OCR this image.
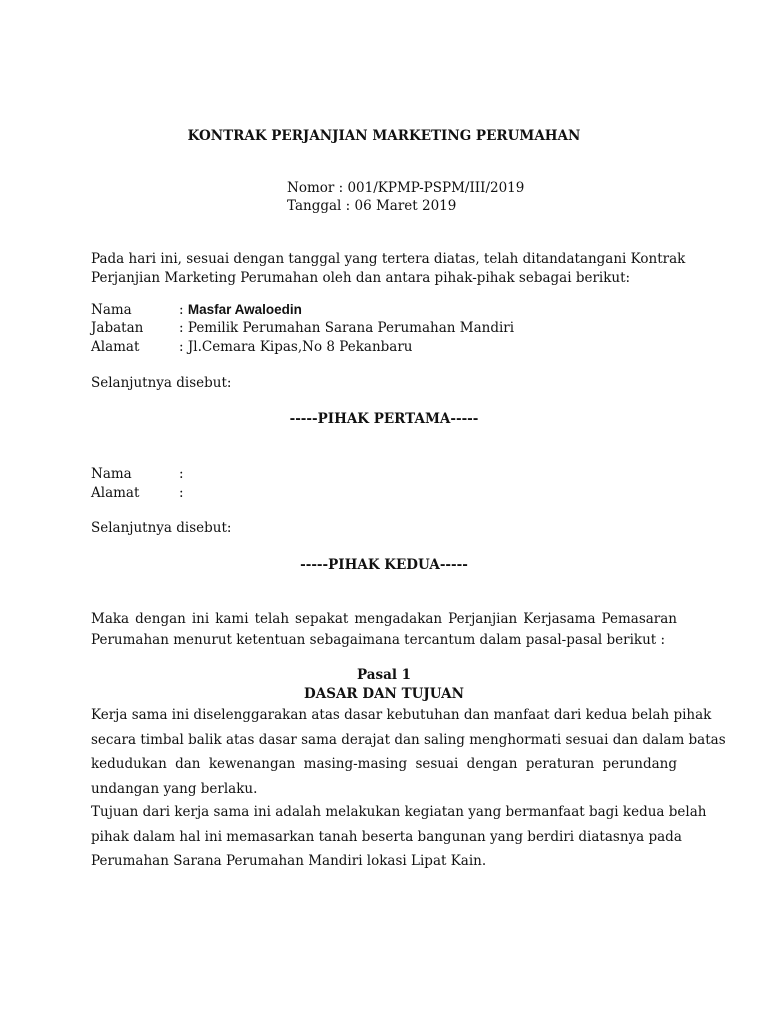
KONTRAK PERJANJIAN MARKETING PERUMAHAN
Nomor : 001/KPMP-PSPM/III/2019
Tanggal : 06 Maret 2019
Pada hari ini, sesuai dengan tanggal yang tertera diatas, telah ditandatangani Kontrak
Perjanjian Marketing Perumahan oleh dan antara pihak-pihak sebagai berikut:
Nama	: Masfar Awaloedin
Jabatan	: Pemilik Perumahan Sarana Perumahan Mandiri
Alamat	: Jl.Cemara Kipas,No 8 Pekanbaru
Selanjutnya disebut:
-----PIHAK PERTAMA-----
Nama	:
Alamat	:
Selanjutnya disebut:
-----PIHAK KEDUA-----
Maka dengan ini kami telah sepakat mengadakan Perjanjian Kerjasama Pemasaran
Perumahan menurut ketentuan sebagaimana tercantum dalam pasal-pasal berikut :
Pasal 1
DASAR DAN TUJUAN
Kerja sama ini diselenggarakan atas dasar kebutuhan dan manfaat dari kedua belah pihak
secara timbal balik atas dasar sama derajat dan saling menghormati sesuai dan dalam batas
kedudukan dan kewenangan masing-masing sesuai dengan peraturan perundang
undangan yang berlaku.
Tujuan dari kerja sama ini adalah melakukan kegiatan yang bermanfaat bagi kedua belah
pihak dalam hal ini memasarkan tanah beserta bangunan yang berdiri diatasnya pada
Perumahan Sarana Perumahan Mandiri lokasi Lipat Kain.
